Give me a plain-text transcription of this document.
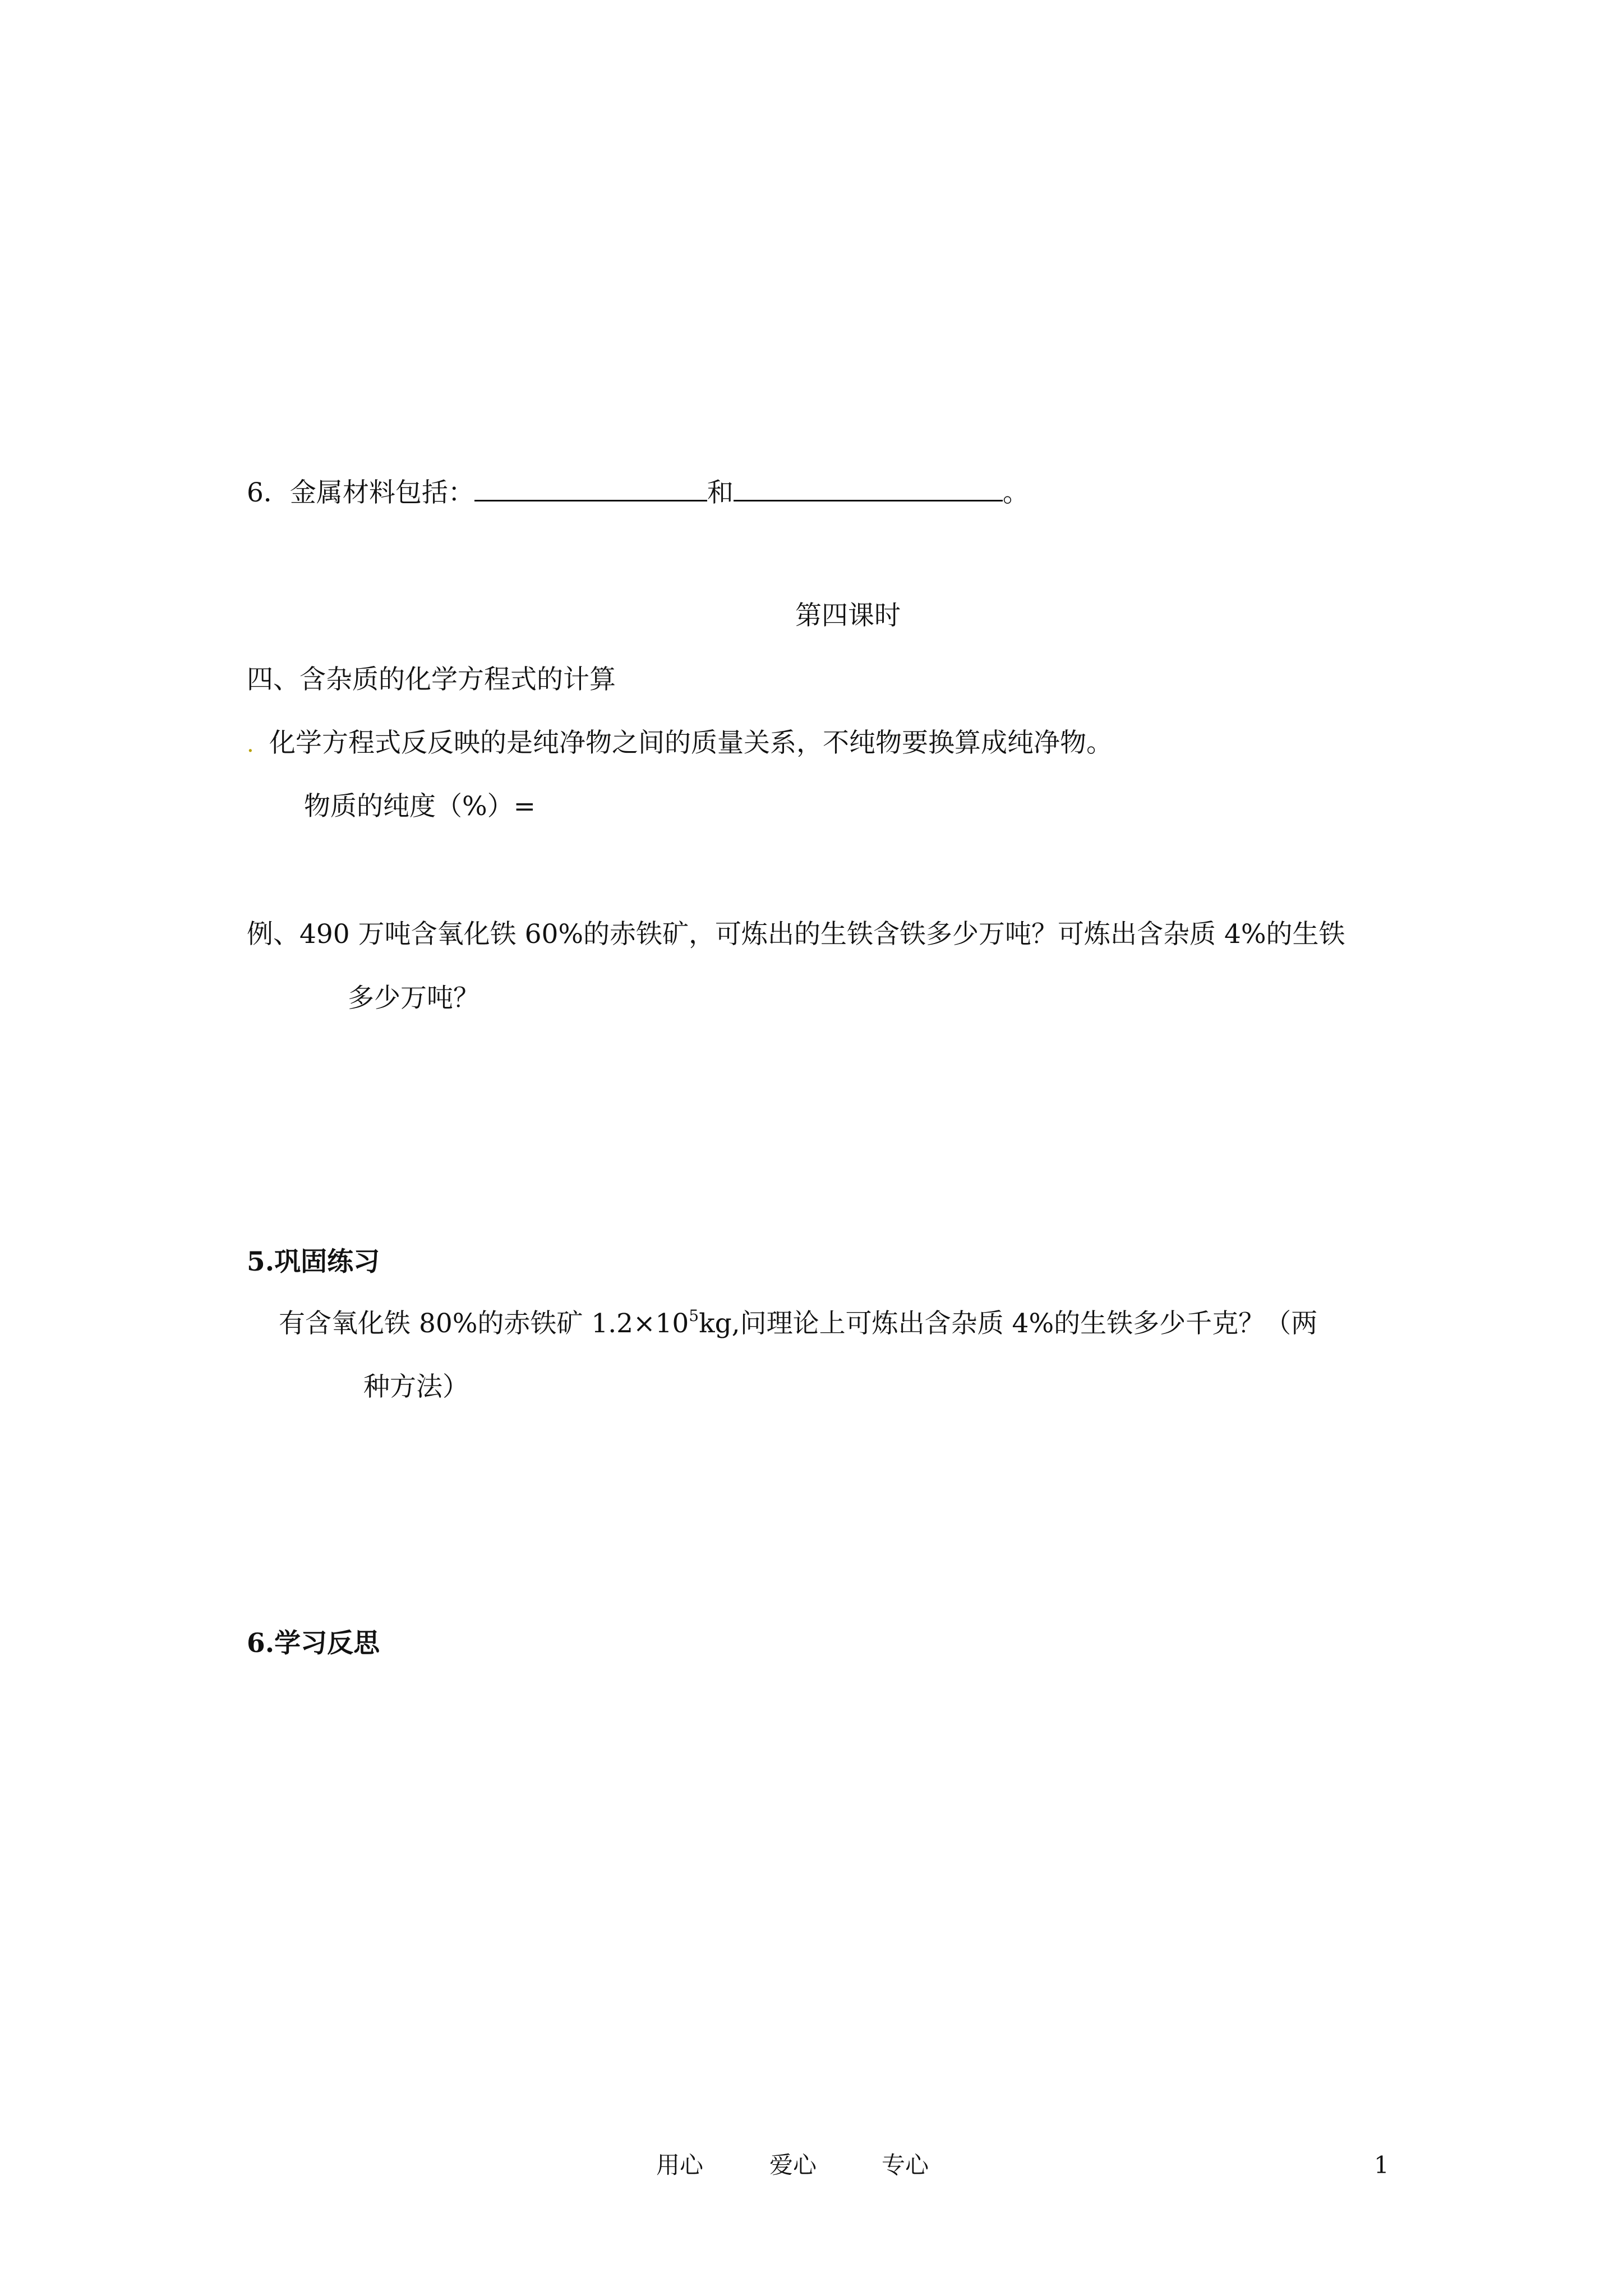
6．金属材料包括：	和	。
第四课时
四、含杂质的化学方程式的计算
. 化学方程式反反映的是纯净物之间的质量关系，不纯物要换算成纯净物。
物质的纯度（%）=
例、490 万吨含氧化铁 60%的赤铁矿，可炼出的生铁含铁多少万吨？可炼出含杂质 4%的生铁
多少万吨？
5.巩固练习
有含氧化铁 80%的赤铁矿 $1.2\times 10^5kg$,问理论上可炼出含杂质 4%的生铁多少千克？（两
种方法）
6.学习反思
用心	爱心	专心	1
